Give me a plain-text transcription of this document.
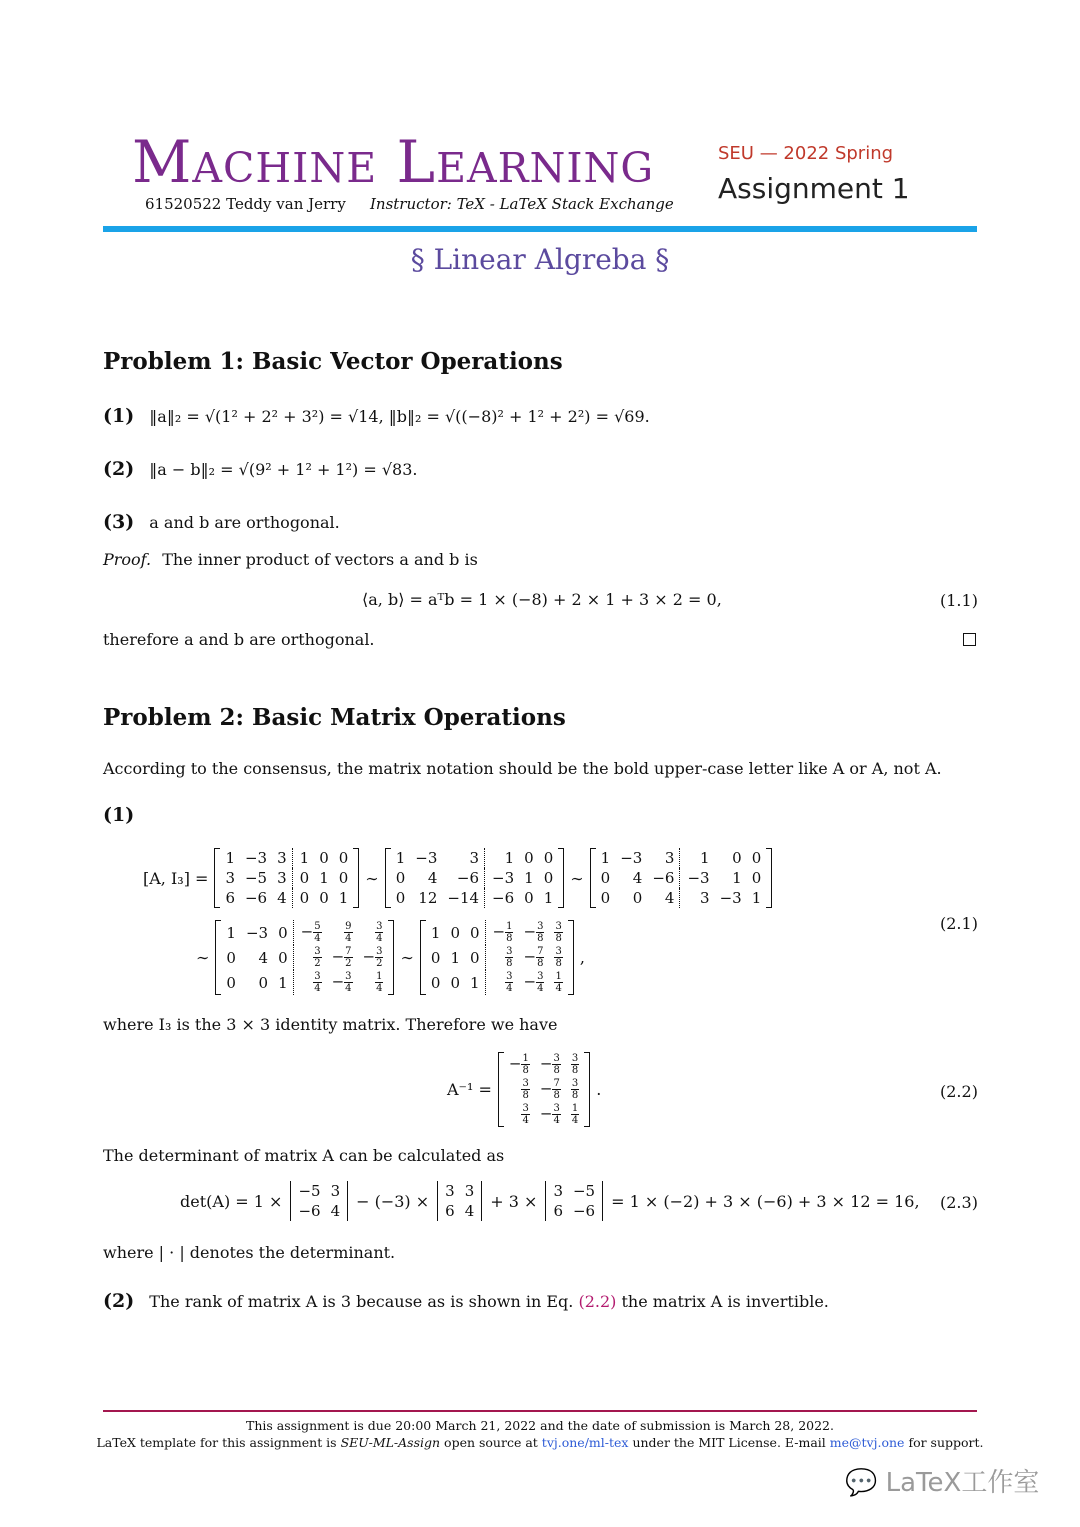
Machine Learning
61520522 Teddy van Jerry Instructor: TeX - LaTeX Stack Exchange
SEU — 2022 Spring
Assignment 1
§ Linear Algreba §
Problem 1: Basic Vector Operations
(1) ‖a‖₂ = √(1² + 2² + 3²) = √14, ‖b‖₂ = √((−8)² + 1² + 2²) = √69.
(2) ‖a − b‖₂ = √(9² + 1² + 1²) = √83.
(3) a and b are orthogonal.
Proof. The inner product of vectors a and b is
⟨a, b⟩ = aᵀb = 1 × (−8) + 2 × 1 + 3 × 2 = 0,	(1.1)
therefore a and b are orthogonal.
Problem 2: Basic Matrix Operations
According to the consensus, the matrix notation should be the bold upper-case letter like A or A, not A.
(1)
[A, I₃] =
1	−3	3		1	0	0
3	−5	3		0	1	0
6	−6	4		0	0	1
∼
1	−3	3		1	0	0
0	4	−6		−3	1	0
0	12	−14		−6	0	1
∼
1	−3	3		1	0	0
0	4	−6		−3	1	0
0	0	4		3	−3	1
∼
1	−3	0		− $\frac{5}{4}$	$\frac{9}{4}$	$\frac{3}{4}$

0	4	0		$\frac{3}{2}$	− $\frac{7}{2}$	− $\frac{3}{2}$

0	0	1		$\frac{3}{4}$	− $\frac{3}{4}$	$\frac{1}{4}$
∼
1	0	0		− $\frac{1}{8}$	− $\frac{3}{8}$	$\frac{3}{8}$

0	1	0		$\frac{3}{8}$	− $\frac{7}{8}$	$\frac{3}{8}$

0	0	1		$\frac{3}{4}$	− $\frac{3}{4}$	$\frac{1}{4}$
,
(2.1)
where I₃ is the 3 × 3 identity matrix. Therefore we have
A⁻¹ =
− $\frac{1}{8}$	− $\frac{3}{8}$	$\frac{3}{8}$

$\frac{3}{8}$	− $\frac{7}{8}$	$\frac{3}{8}$

$\frac{3}{4}$	− $\frac{3}{4}$	$\frac{1}{4}$
.	(2.2)
The determinant of matrix A can be calculated as
det(A) = 1 ×
−5	3
−6	4
− (−3) ×
3	3
6	4
+ 3 ×
3	−5
6	−6
= 1 × (−2) + 3 × (−6) + 3 × 12 = 16, (2.3)
where | · | denotes the determinant.
(2) The rank of matrix A is 3 because as is shown in Eq. (2.2) the matrix A is invertible.
This assignment is due 20:00 March 21, 2022 and the date of submission is March 28, 2022.
LaTeX template for this assignment is SEU-ML-Assign open source at tvj.one/ml-tex under the MIT License. E-mail me@tvj.one for support.
💬 LaTeX工作室
